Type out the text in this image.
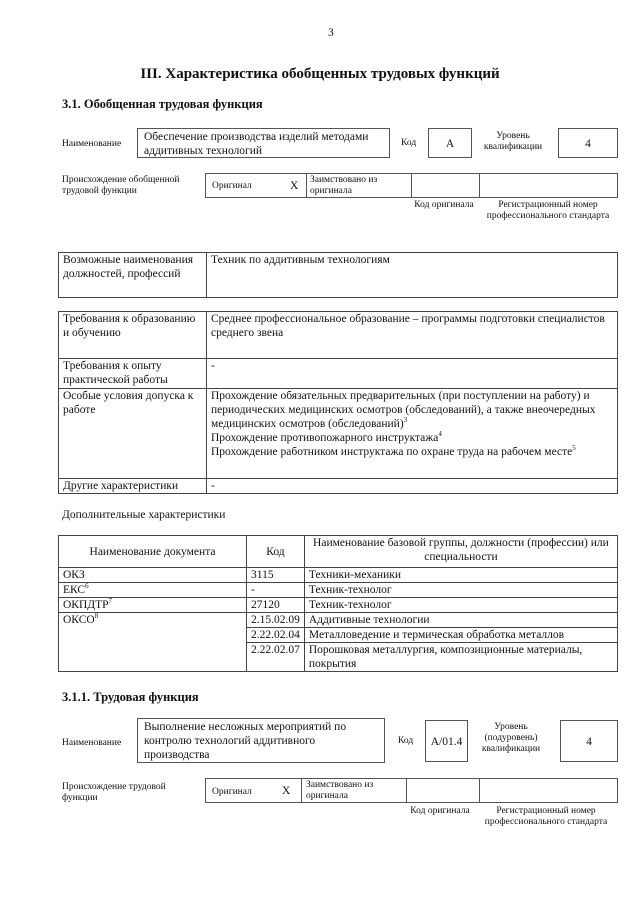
3
III. Характеристика обобщенных трудовых функций
3.1. Обобщенная трудовая функция
Наименование
Обеспечение производства изделий методами аддитивных технологий
Код	А
Уровень квалификации	4
Происхождение обобщенной трудовой функции	Оригинал	X Заимствовано из оригинала
Код оригинала	Регистрационный номер профессионального стандарта
Возможные наименования должностей, профессий	Техник по аддитивным технологиям
Требования к образованию и обучению	Среднее профессиональное образование – программы подготовки специалистов среднего звена
Требования к опыту практической работы	-
Особые условия допуска к работе	Прохождение обязательных предварительных (при поступлении на работу) и периодических медицинских осмотров (обследований), а также внеочередных медицинских осмотров (обследований)$^3$
Прохождение противопожарного инструктажа$^4$
Прохождение работником инструктажа по охране труда на рабочем месте$^5$

Другие характеристики	-
Дополнительные характеристики
Наименование документа	Код	Наименование базовой группы, должности (профессии) или специальности
ОКЗ	3115	Техники-механики
ЕКС$^6$	-	Техник-технолог
ОКПДТР$^7$	27120	Техник-технолог
ОКСО$^8$	2.15.02.09	Аддитивные технологии
	2.22.02.04	Металловедение и термическая обработка металлов
	2.22.02.07	Порошковая металлургия, композиционные материалы, покрытия
3.1.1. Трудовая функция
Наименование
Выполнение несложных мероприятий по контролю технологий аддитивного производства
Код	A/01.4
Уровень (подуровень) квалификации
4
Происхождение трудовой функции
Оригинал	X Заимствовано из оригинала
Код оригинала	Регистрационный номер профессионального стандарта
